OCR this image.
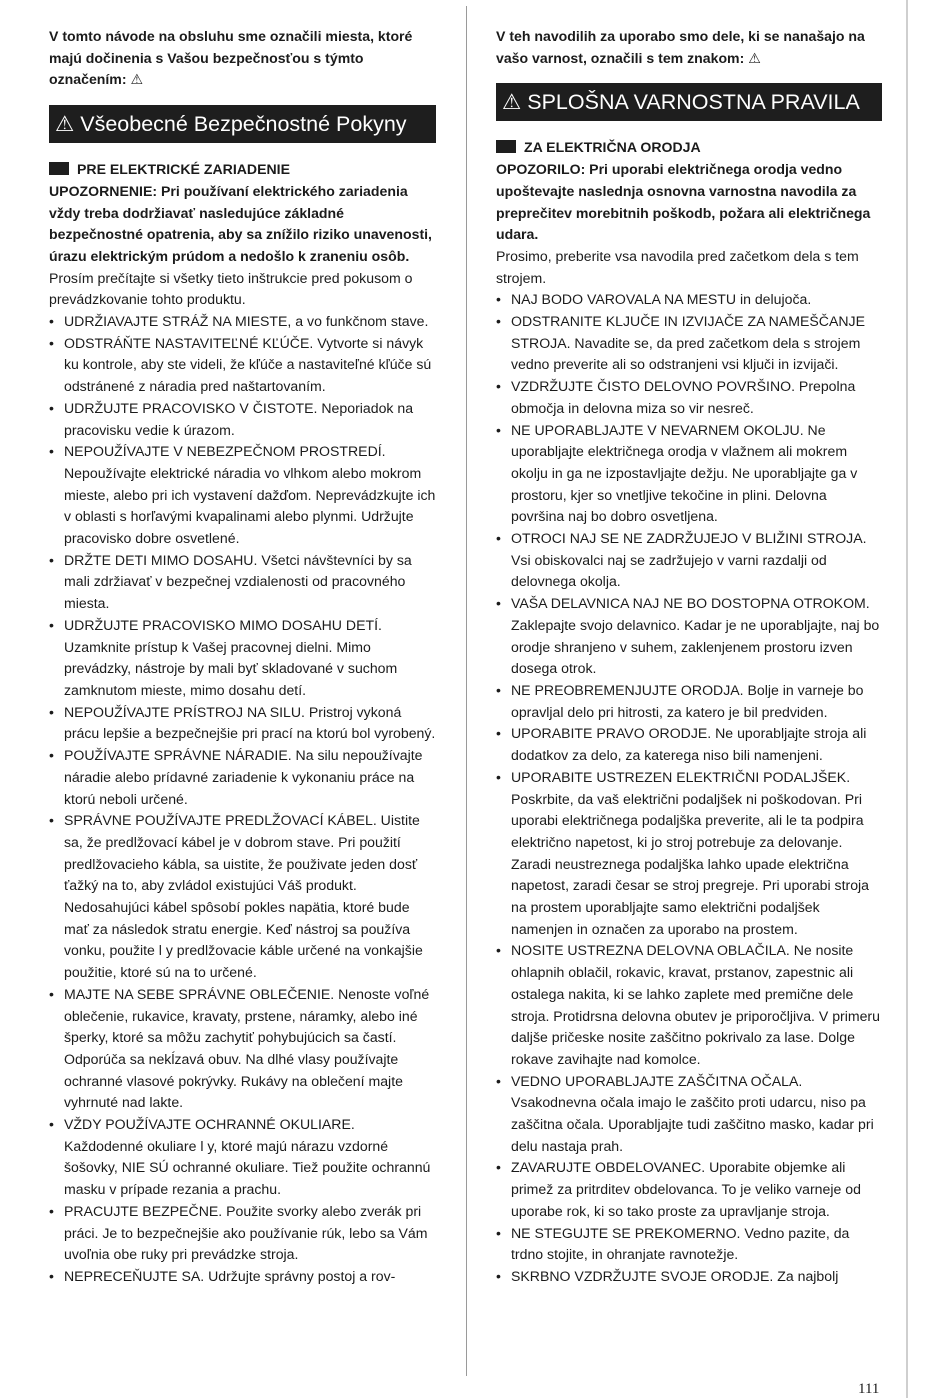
V tomto návode na obsluhu sme označili miesta, ktoré majú dočinenia s Vašou bezpečnosťou s týmto označením: ⚠

⚠ Všeobecné Bezpečnostné Pokyny

PRE ELEKTRICKÉ ZARIADENIE

UPOZORNENIE: Pri používaní elektrického zariadenia vždy treba dodržiavať nasledujúce základné bezpečnostné opatrenia, aby sa znížilo riziko unavenosti, úrazu elektrickým prúdom a nedošlo k zraneniu osôb.

Prosím prečítajte si všetky tieto inštrukcie pred pokusom o prevádzkovanie tohto produktu.

• UDRŽIAVAJTE STRÁŽ NA MIESTE, a vo funkčnom stave.
• ODSTRÁŇTE NASTAVITEĽNÉ KĽÚČE. Vytvorte si návyk ku kontrole, aby ste videli, že kľúče a nastaviteľné kľúče sú odstránené z náradia pred naštartovaním.
• UDRŽUJTE PRACOVISKO V ČISTOTE. Neporiadok na pracovisku vedie k úrazom.
• NEPOUŽÍVAJTE V NEBEZPEČNOM PROSTREDÍ. Nepoužívajte elektrické náradia vo vlhkom alebo mokrom mieste, alebo pri ich vystavení dažďom. Neprevádzkujte ich v oblasti s horľavými kvapalinami alebo plynmi. Udržujte pracovisko dobre osvetlené.
• DRŽTE DETI MIMO DOSAHU. Všetci návštevníci by sa mali zdržiavať v bezpečnej vzdialenosti od pracovného miesta.
• UDRŽUJTE PRACOVISKO MIMO DOSAHU DETÍ. Uzamknite prístup k Vašej pracovnej dielni. Mimo prevádzky, nástroje by mali byť skladované v suchom zamknutom mieste, mimo dosahu detí.
• NEPOUŽÍVAJTE PRÍSTROJ NA SILU. Pristroj vykoná prácu lepšie a bezpečnejšie pri prací na ktorú bol vyrobený.
• POUŽÍVAJTE SPRÁVNE NÁRADIE. Na silu nepoužívajte náradie alebo prídavné zariadenie k vykonaniu práce na ktorú neboli určené.
• SPRÁVNE POUŽÍVAJTE PREDLŽOVACÍ KÁBEL. Uistite sa, že predlžovací kábel je v dobrom stave. Pri použití predlžovacieho kábla, sa uistite, že použivate jeden dosť ťažký na to, aby zvládol existujúci Váš produkt. Nedosahujúci kábel spôsobí pokles napätia, ktoré bude mať za následok stratu energie. Keď nástroj sa používa vonku, použite l y predlžovacie káble určené na vonkajšie použitie, ktoré sú na to určené.
• MAJTE NA SEBE SPRÁVNE OBLEČENIE. Nenoste voľné oblečenie, rukavice, kravaty, prstene, náramky, alebo iné šperky, ktoré sa môžu zachytiť pohybujúcich sa častí. Odporúča sa nekĺzavá obuv. Na dlhé vlasy používajte ochranné vlasové pokrývky. Rukávy na oblečení majte vyhrnuté nad lakte.
• VŽDY POUŽÍVAJTE OCHRANNÉ OKULIARE. Každodenné okuliare l y, ktoré majú nárazu vzdorné šošovky, NIE SÚ ochranné okuliare. Tiež použite ochrannú masku v prípade rezania a prachu.
• PRACUJTE BEZPEČNE. Použite svorky alebo zverák pri práci. Je to bezpečnejšie ako používanie rúk, lebo sa Vám uvoľnia obe ruky pri prevádzke stroja.
• NEPRECEŇUJTE SA. Udržujte správny postoj a rov-

V teh navodilih za uporabo smo dele, ki se nanašajo na vašo varnost, označili s tem znakom: ⚠

⚠ SPLOŠNA VARNOSTNA PRAVILA

ZA ELEKTRIČNA ORODJA

OPOZORILO: Pri uporabi električnega orodja vedno upoštevajte naslednja osnovna varnostna navodila za preprečitev morebitnih poškodb, požara ali električnega udara.

Prosimo, preberite vsa navodila pred začetkom dela s tem strojem.

• NAJ BODO VAROVALA NA MESTU in delujoča.
• ODSTRANITE KLJUČE IN IZVIJAČE ZA NAMEŠČANJE STROJA. Navadite se, da pred začetkom dela s strojem vedno preverite ali so odstranjeni vsi ključi in izvijači.
• VZDRŽUJTE ČISTO DELOVNO POVRŠINO. Prepolna območja in delovna miza so vir nesreč.
• NE UPORABLJAJTE V NEVARNEM OKOLJU. Ne uporabljajte električnega orodja v vlažnem ali mokrem okolju in ga ne izpostavljajte dežju. Ne uporabljajte ga v prostoru, kjer so vnetljive tekočine in plini. Delovna površina naj bo dobro osvetljena.
• OTROCI NAJ SE NE ZADRŽUJEJO V BLIŽINI STROJA. Vsi obiskovalci naj se zadržujejo v varni razdalji od delovnega okolja.
• VAŠA DELAVNICA NAJ NE BO DOSTOPNA OTROKOM. Zaklepajte svojo delavnico. Kadar je ne uporabljajte, naj bo orodje shranjeno v suhem, zaklenjenem prostoru izven dosega otrok.
• NE PREOBREMENJUJTE ORODJA. Bolje in varneje bo opravljal delo pri hitrosti, za katero je bil predviden.
• UPORABITE PRAVO ORODJE. Ne uporabljajte stroja ali dodatkov za delo, za katerega niso bili namenjeni.
• UPORABITE USTREZEN ELEKTRIČNI PODALJŠEK. Poskrbite, da vaš električni podaljšek ni poškodovan. Pri uporabi električnega podaljška preverite, ali le ta podpira električno napetost, ki jo stroj potrebuje za delovanje. Zaradi neustreznega podaljška lahko upade električna napetost, zaradi česar se stroj pregreje. Pri uporabi stroja na prostem uporabljajte samo električni podaljšek namenjen in označen za uporabo na prostem.
• NOSITE USTREZNA DELOVNA OBLAČILA. Ne nosite ohlapnih oblačil, rokavic, kravat, prstanov, zapestnic ali ostalega nakita, ki se lahko zaplete med premične dele stroja. Protidrsna delovna obutev je priporočljiva. V primeru daljše pričeske nosite zaščitno pokrivalo za lase. Dolge rokave zavihajte nad komolce.
• VEDNO UPORABLJAJTE ZAŠČITNA OČALA. Vsakodnevna očala imajo le zaščito proti udarcu, niso pa zaščitna očala. Uporabljajte tudi zaščitno masko, kadar pri delu nastaja prah.
• ZAVARUJTE OBDELOVANEC. Uporabite objemke ali primež za pritrditev obdelovanca. To je veliko varneje od uporabe rok, ki so tako proste za upravljanje stroja.
• NE STEGUJTE SE PREKOMERNO. Vedno pazite, da trdno stojite, in ohranjate ravnotežje.
• SKRBNO VZDRŽUJTE SVOJE ORODJE. Za najbolj
111
